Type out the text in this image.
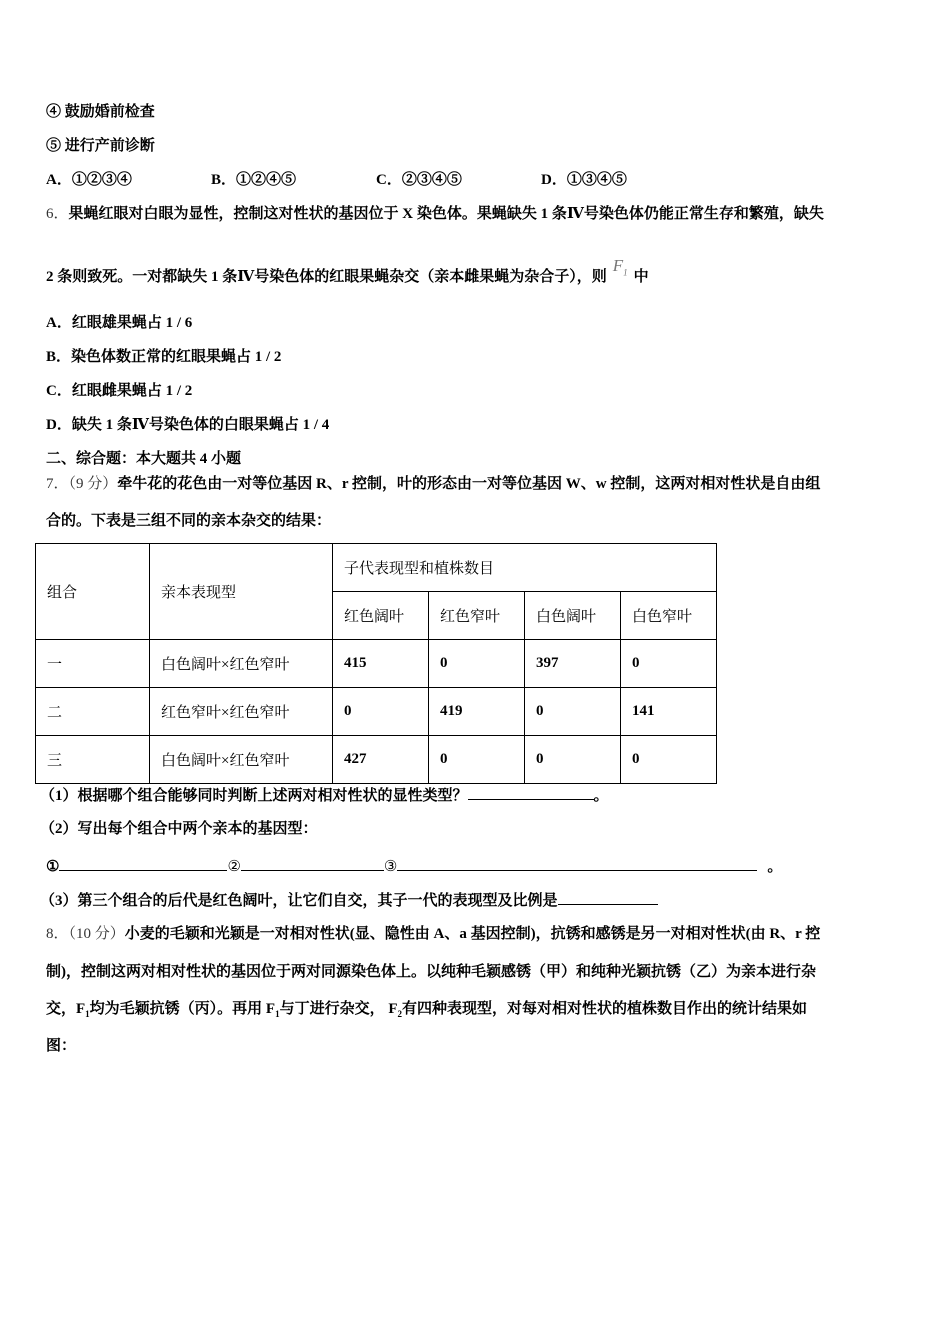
④ 鼓励婚前检查
⑤ 进行产前诊断
A．①②③④	B．①②④⑤	C．②③④⑤	D．①③④⑤
6．果蝇红眼对白眼为显性，控制这对性状的基因位于 X 染色体。果蝇缺失 1 条Ⅳ号染色体仍能正常生存和繁殖，缺失
2 条则致死。一对都缺失 1 条Ⅳ号染色体的红眼果蝇杂交（亲本雌果蝇为杂合子），则$F_1$ 中
A．红眼雄果蝇占 1 / 6
B．染色体数正常的红眼果蝇占 1 / 2
C．红眼雌果蝇占 1 / 2
D．缺失 1 条Ⅳ号染色体的白眼果蝇占 1 / 4
二、综合题：本大题共 4 小题
7．（9 分）牵牛花的花色由一对等位基因 R、r 控制，叶的形态由一对等位基因 W、w 控制，这两对相对性状是自由组
合的。下表是三组不同的亲本杂交的结果：
组合	亲本表现型	子代表现型和植株数目			
		红色阔叶	红色窄叶	白色阔叶	白色窄叶
一	白色阔叶×红色窄叶	415	0	397	0
二	红色窄叶×红色窄叶	0	419	0	141
三	白色阔叶×红色窄叶	427	0	0	0
（1）根据哪个组合能够同时判断上述两对相对性状的显性类型？	。
（2）写出每个组合中两个亲本的基因型：
①	②	③	。
（3）第三个组合的后代是红色阔叶，让它们自交，其子一代的表现型及比例是
8．（10 分）小麦的毛颖和光颖是一对相对性状(显、隐性由 A、a 基因控制)，抗锈和感锈是另一对相对性状(由 R、r 控
制)，控制这两对相对性状的基因位于两对同源染色体上。以纯种毛颖感锈（甲）和纯种光颖抗锈（乙）为亲本进行杂
交，$F_1$均为毛颖抗锈（丙）。再用 $F_1$与丁进行杂交， $F_2$有四种表现型，对每对相对性状的植株数目作出的统计结果如
图：
